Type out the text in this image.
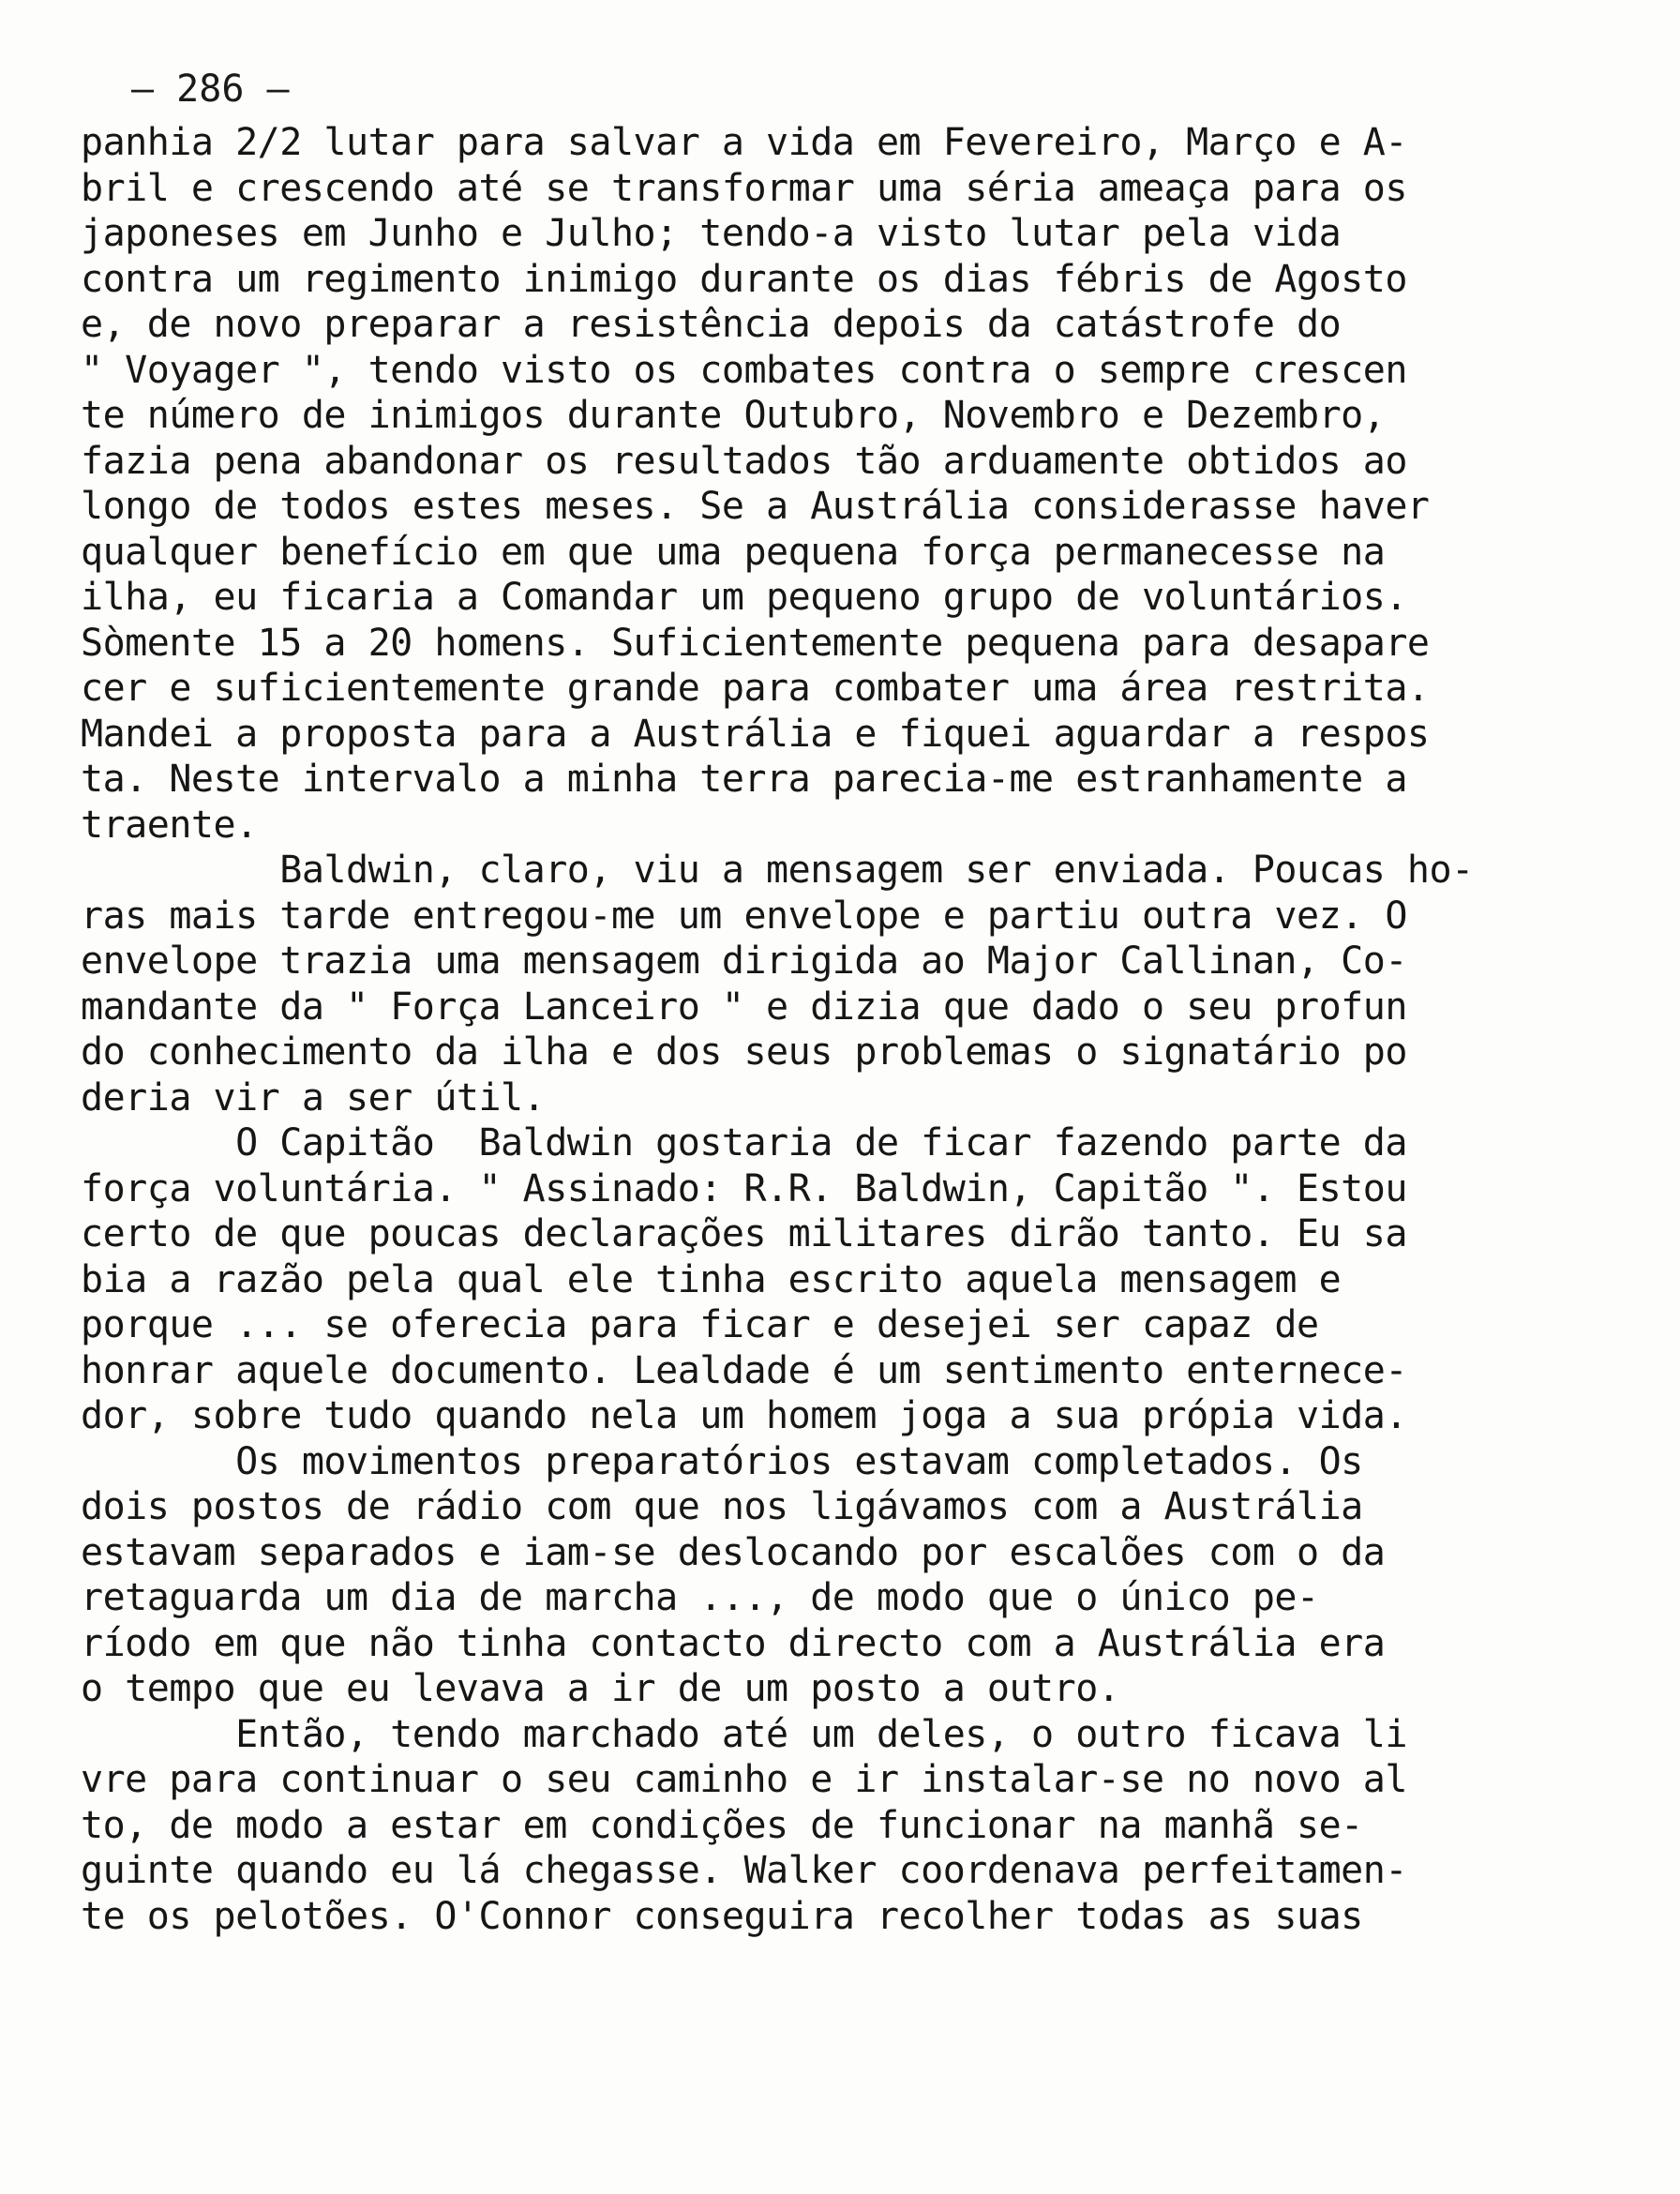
— 286 —
panhia 2/2 lutar para salvar a vida em Fevereiro, Março e A-
bril e crescendo até se transformar uma séria ameaça para os
japoneses em Junho e Julho; tendo-a visto lutar pela vida
contra um regimento inimigo durante os dias fébris de Agosto
e, de novo preparar a resistência depois da catástrofe do
" Voyager ", tendo visto os combates contra o sempre crescen
te número de inimigos durante Outubro, Novembro e Dezembro,
fazia pena abandonar os resultados tão arduamente obtidos ao
longo de todos estes meses. Se a Austrália considerasse haver
qualquer benefício em que uma pequena força permanecesse na
ilha, eu ficaria a Comandar um pequeno grupo de voluntários.
Sòmente 15 a 20 homens. Suficientemente pequena para desapare
cer e suficientemente grande para combater uma área restrita.
Mandei a proposta para a Austrália e fiquei aguardar a respos
ta. Neste intervalo a minha terra parecia-me estranhamente a
traente.
Baldwin, claro, viu a mensagem ser enviada. Poucas ho-
ras mais tarde entregou-me um envelope e partiu outra vez. O
envelope trazia uma mensagem dirigida ao Major Callinan, Co-
mandante da " Força Lanceiro " e dizia que dado o seu profun
do conhecimento da ilha e dos seus problemas o signatário po
deria vir a ser útil.
O Capitão  Baldwin gostaria de ficar fazendo parte da
força voluntária. " Assinado: R.R. Baldwin, Capitão ". Estou
certo de que poucas declarações militares dirão tanto. Eu sa
bia a razão pela qual ele tinha escrito aquela mensagem e
porque ... se oferecia para ficar e desejei ser capaz de
honrar aquele documento. Lealdade é um sentimento enternece-
dor, sobre tudo quando nela um homem joga a sua própia vida.
Os movimentos preparatórios estavam completados. Os
dois postos de rádio com que nos ligávamos com a Austrália
estavam separados e iam-se deslocando por escalões com o da
retaguarda um dia de marcha ..., de modo que o único pe-
ríodo em que não tinha contacto directo com a Austrália era
o tempo que eu levava a ir de um posto a outro.
Então, tendo marchado até um deles, o outro ficava li
vre para continuar o seu caminho e ir instalar-se no novo al
to, de modo a estar em condições de funcionar na manhã se-
guinte quando eu lá chegasse. Walker coordenava perfeitamen-
te os pelotões. O'Connor conseguira recolher todas as suas
